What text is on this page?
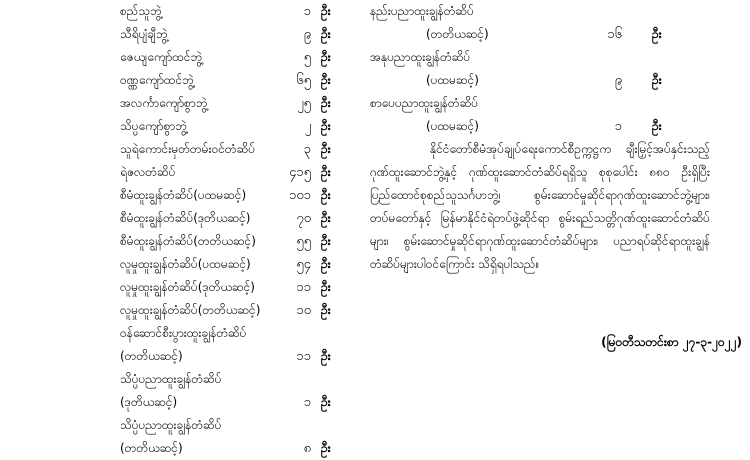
စည်သူဘွဲ့	၁ ဦး
သီရိပျံချီဘွဲ့	၉ ဦး
ဇေယျကျော်ထင်ဘွဲ့	၅ ဦး
ဝဏ္ဏကျော်ထင်ဘွဲ့	၆၅ ဦး
အလင်္ကာကျော်စွာဘွဲ့	၂၅ ဦး
သိပ္ပကျော်စွာဘွဲ့	၂ ဦး
သူရဲကောင်းမှတ်တမ်းဝင်တံဆိပ်	၃ ဦး
ရဲဇလတံဆိပ်	၄၁၅ ဦး
စီမံထူးချွန်တံဆိပ်(ပထမဆင့်)	၁၀၁ ဦး
စီမံထူးချွန်တံဆိပ်(ဒုတိယဆင့်)	၇၀ ဦး
စီမံထူးချွန်တံဆိပ်(တတိယဆင့်)	၅၅ ဦး
လူမှုထူးချွန်တံဆိပ်(ပထမဆင့်)	၅၄ ဦး
လူမှုထူးချွန်တံဆိပ်(ဒုတိယဆင့်)	၁၁ ဦး
လူမှုထူးချွန်တံဆိပ်(တတိယဆင့်)	၁၀ ဦး
ဝန်ဆောင်စီးပွားထူးချွန်တံဆိပ်
(တတိယဆင့်)	၁၁ ဦး
သိပ္ပံပညာထူးချွန်တံဆိပ်
(ဒုတိယဆင့်)	၁ ဦး
သိပ္ပံပညာထူးချွန်တံဆိပ်
(တတိယဆင့်)	၈ ဦး
နည်းပညာထူးချွန်တံဆိပ်
(တတိယဆင့်)	၁၆	ဦး
အနုပညာထူးချွန်တံဆိပ်
(ပထမဆင့်)	၉	ဦး
စာပေပညာထူးချွန်တံဆိပ်
(ပထမဆင့်)	၁	ဦး

နိုင်ငံတော်စီမံအုပ်ချုပ်ရေးကောင်စီဥက္ကဋ္ဌက ချီးမြှင့်အပ်နှင်းသည့် ဂုဏ်ထူးဆောင်ဘွဲ့နှင့် ဂုဏ်ထူးဆောင်တံဆိပ်ရရှိသူ စုစုပေါင်း ၈၈၀ ဦးရှိပြီး ပြည်ထောင်စုစည်သူသင်္ဂဟဘွဲ့၊ စွမ်းဆောင်မှုဆိုင်ရာဂုဏ်ထူးဆောင်ဘွဲ့များ၊ တပ်မတော်နှင့် မြန်မာနိုင်ငံရဲတပ်ဖွဲ့ဆိုင်ရာ စွမ်းရည်သတ္တိဂုဏ်ထူးဆောင်တံဆိပ်များ၊ စွမ်းဆောင်မှုဆိုင်ရာဂုဏ်ထူးဆောင်တံဆိပ်များ၊ ပညာရပ်ဆိုင်ရာထူးချွန်တံဆိပ်များပါဝင်ကြောင်း သိရှိရပါသည်။

(မြဝတီသတင်းစာ ၂၇-၃-၂၀၂၂)
